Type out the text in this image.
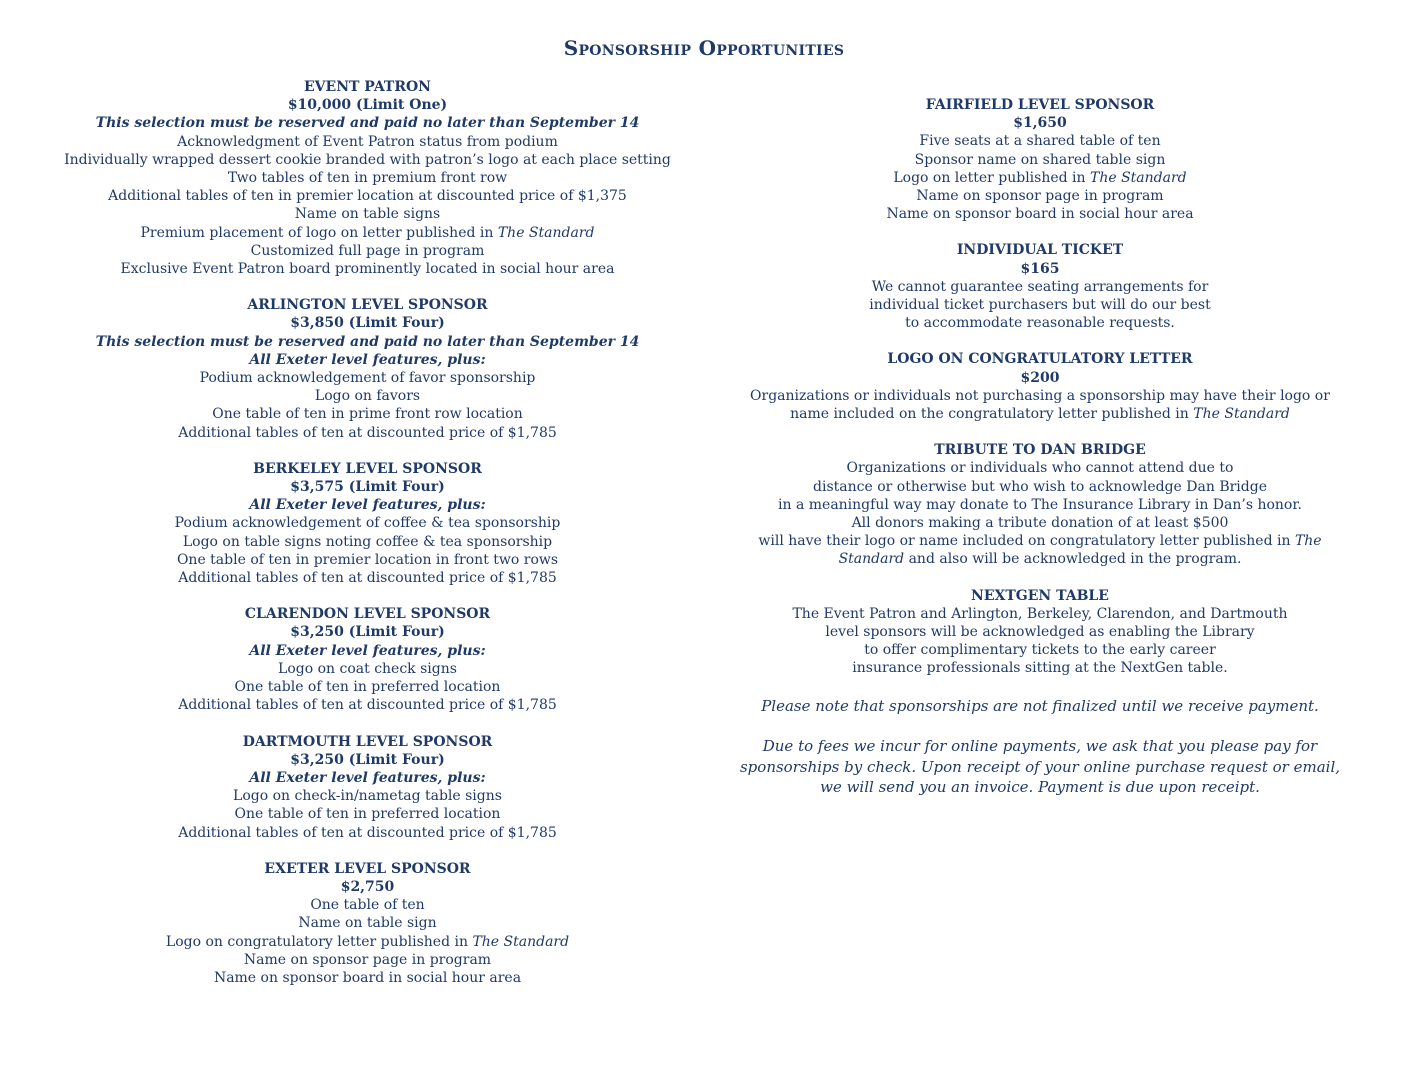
Sponsorship Opportunities
EVENT PATRON
$10,000 (Limit One)
This selection must be reserved and paid no later than September 14
Acknowledgment of Event Patron status from podium
Individually wrapped dessert cookie branded with patron’s logo at each place setting
Two tables of ten in premium front row
Additional tables of ten in premier location at discounted price of $1,375
Name on table signs
Premium placement of logo on letter published in The Standard
Customized full page in program
Exclusive Event Patron board prominently located in social hour area
ARLINGTON LEVEL SPONSOR
$3,850 (Limit Four)
This selection must be reserved and paid no later than September 14
All Exeter level features, plus:
Podium acknowledgement of favor sponsorship
Logo on favors
One table of ten in prime front row location
Additional tables of ten at discounted price of $1,785
BERKELEY LEVEL SPONSOR
$3,575 (Limit Four)
All Exeter level features, plus:
Podium acknowledgement of coffee & tea sponsorship
Logo on table signs noting coffee & tea sponsorship
One table of ten in premier location in front two rows
Additional tables of ten at discounted price of $1,785
CLARENDON LEVEL SPONSOR
$3,250 (Limit Four)
All Exeter level features, plus:
Logo on coat check signs
One table of ten in preferred location
Additional tables of ten at discounted price of $1,785
DARTMOUTH LEVEL SPONSOR
$3,250 (Limit Four)
All Exeter level features, plus:
Logo on check-in/nametag table signs
One table of ten in preferred location
Additional tables of ten at discounted price of $1,785
EXETER LEVEL SPONSOR
$2,750
One table of ten
Name on table sign
Logo on congratulatory letter published in The Standard
Name on sponsor page in program
Name on sponsor board in social hour area
FAIRFIELD LEVEL SPONSOR
$1,650
Five seats at a shared table of ten
Sponsor name on shared table sign
Logo on letter published in The Standard
Name on sponsor page in program
Name on sponsor board in social hour area
INDIVIDUAL TICKET
$165
We cannot guarantee seating arrangements for
individual ticket purchasers but will do our best
to accommodate reasonable requests.
LOGO ON CONGRATULATORY LETTER
$200
Organizations or individuals not purchasing a sponsorship may have their logo or
name included on the congratulatory letter published in The Standard
TRIBUTE TO DAN BRIDGE
Organizations or individuals who cannot attend due to
distance or otherwise but who wish to acknowledge Dan Bridge
in a meaningful way may donate to The Insurance Library in Dan’s honor.
All donors making a tribute donation of at least $500
will have their logo or name included on congratulatory letter published in The Standard and also will be acknowledged in the program.
NEXTGEN TABLE
The Event Patron and Arlington, Berkeley, Clarendon, and Dartmouth
level sponsors will be acknowledged as enabling the Library
to offer complimentary tickets to the early career
insurance professionals sitting at the NextGen table.
Please note that sponsorships are not finalized until we receive payment.
Due to fees we incur for online payments, we ask that you please pay for sponsorships by check. Upon receipt of your online purchase request or email, we will send you an invoice. Payment is due upon receipt.
